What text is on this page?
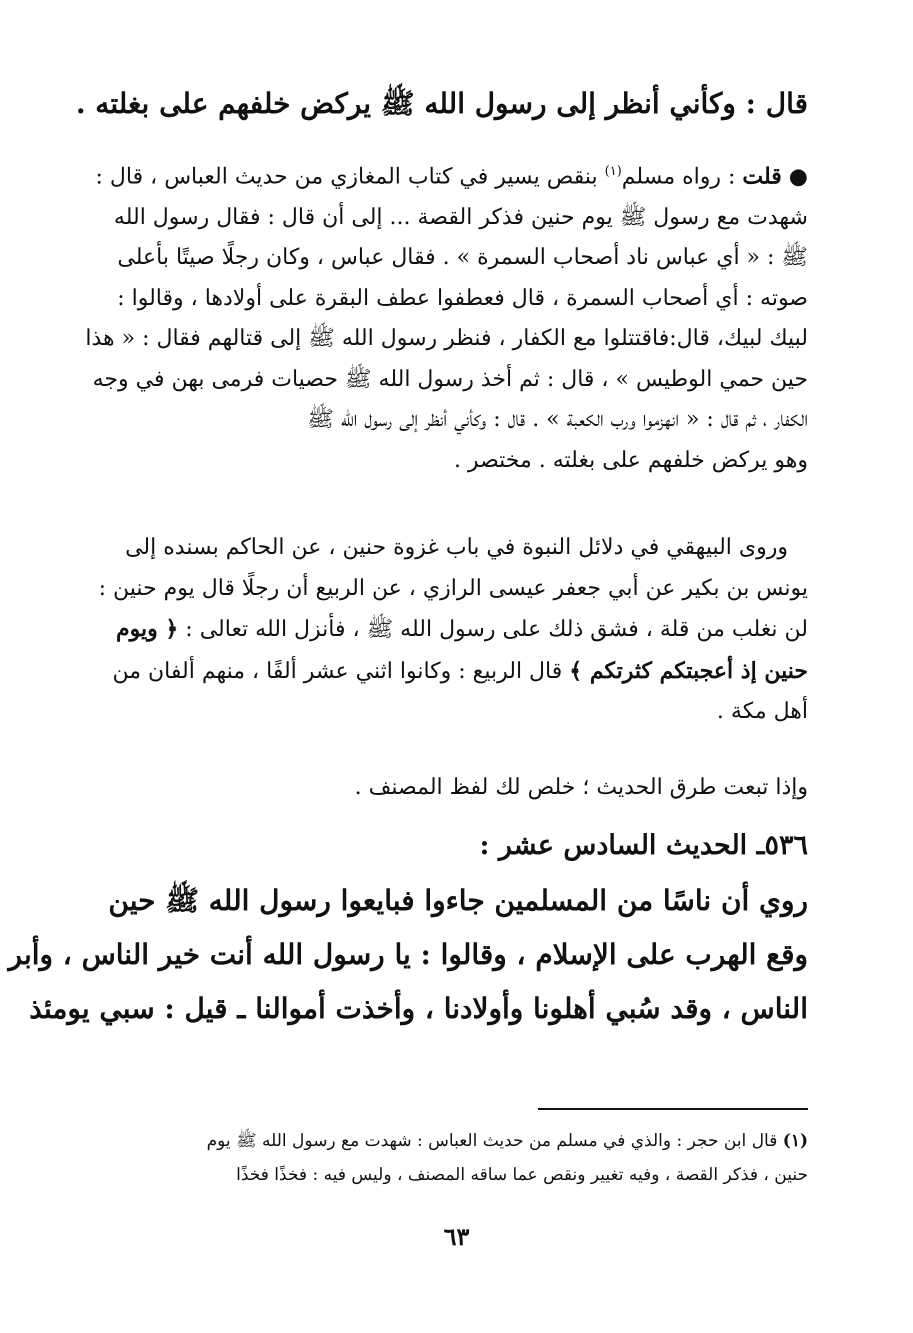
قال : وكأني أنظر إلى رسول الله ﷺ يركض خلفهم على بغلته .
● قلت : رواه مسلم$^{(١)}$ بنقص يسير في كتاب المغازي من حديث العباس ، قال :
شهدت مع رسول ﷺ يوم حنين فذكر القصة ... إلى أن قال : فقال رسول الله
ﷺ : « أي عباس ناد أصحاب السمرة » . فقال عباس ، وكان رجلًا صيتًا بأعلى
صوته : أي أصحاب السمرة ، قال فعطفوا عطف البقرة على أولادها ، وقالوا :
لبيك لبيك، قال:فاقتتلوا مع الكفار ، فنظر رسول الله ﷺ إلى قتالهم فقال : « هذا
حين حمي الوطيس » ، قال : ثم أخذ رسول الله ﷺ حصيات فرمى بهن في وجه
الكفار ، ثم قال : « انهزموا ورب الكعبة » . قال : وكأني أنظر إلى رسول الله ﷺ
وهو يركض خلفهم على بغلته . مختصر .
وروى البيهقي في دلائل النبوة في باب غزوة حنين ، عن الحاكم بسنده إلى
يونس بن بكير عن أبي جعفر عيسى الرازي ، عن الربيع أن رجلًا قال يوم حنين :
لن نغلب من قلة ، فشق ذلك على رسول الله ﷺ ، فأنزل الله تعالى : ﴿ ويوم
حنين إذ أعجبتكم كثرتكم ﴾ قال الربيع : وكانوا اثني عشر ألفًا ، منهم ألفان من
أهل مكة .
وإذا تبعت طرق الحديث ؛ خلص لك لفظ المصنف .
٥٣٦ـ الحديث السادس عشر :
روي أن ناسًا من المسلمين جاءوا فبايعوا رسول الله ﷺ حين
وقع الهرب على الإسلام ، وقالوا : يا رسول الله أنت خير الناس ، وأبر
الناس ، وقد سُبي أهلونا وأولادنا ، وأخذت أموالنا ـ قيل : سبي يومئذ
(١) قال ابن حجر : والذي في مسلم من حديث العباس : شهدت مع رسول الله ﷺ يوم
حنين ، فذكر القصة ، وفيه تغيير ونقص عما ساقه المصنف ، وليس فيه : فخذًا فخذًا
٦٣
